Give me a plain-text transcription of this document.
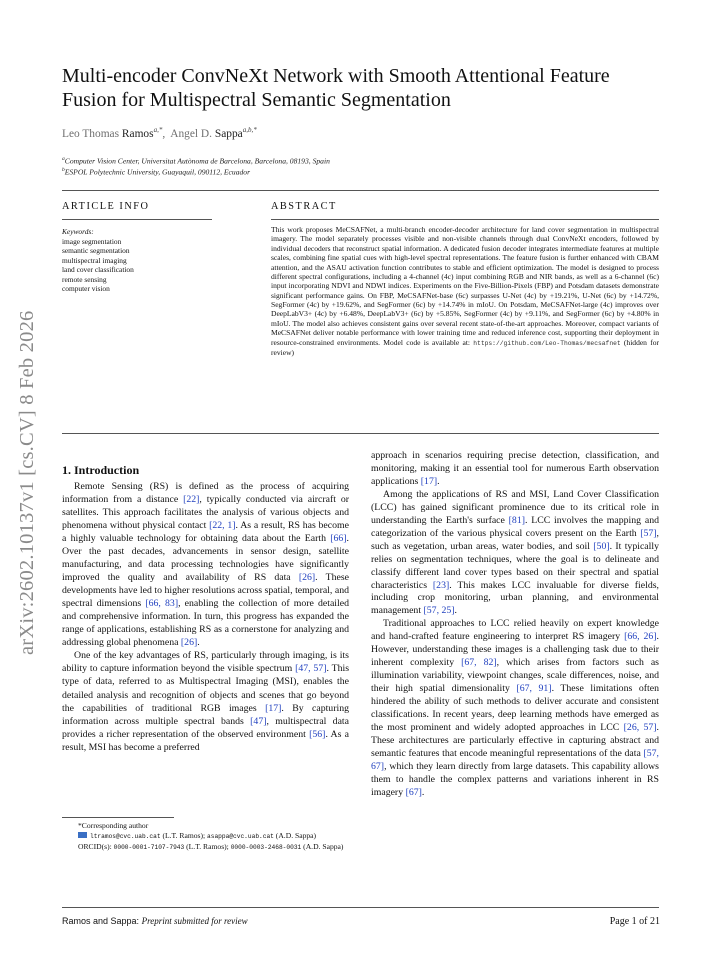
arXiv:2602.10137v1 [cs.CV] 8 Feb 2026
Multi-encoder ConvNeXt Network with Smooth Attentional Feature
Fusion for Multispectral Semantic Segmentation
Leo Thomas Ramos$^{a,*}$,  Angel D. Sappa$^{a,b,*}$
$^a$Computer Vision Center, Universitat Autònoma de Barcelona, Barcelona, 08193, Spain
$^b$ESPOL Polytechnic University, Guayaquil, 090112, Ecuador
ARTICLE INFO	ABSTRACT
Keywords:
image segmentation
semantic segmentation
multispectral imaging
land cover classification
remote sensing
computer vision
This work proposes MeCSAFNet, a multi-branch encoder-decoder architecture for land cover segmentation in multispectral imagery. The model separately processes visible and non-visible channels through dual ConvNeXt encoders, followed by individual decoders that reconstruct spatial information. A dedicated fusion decoder integrates intermediate features at multiple scales, combining fine spatial cues with high-level spectral representations. The feature fusion is further enhanced with CBAM attention, and the ASAU activation function contributes to stable and efficient optimization. The model is designed to process different spectral configurations, including a 4-channel (4c) input combining RGB and NIR bands, as well as a 6-channel (6c) input incorporating NDVI and NDWI indices. Experiments on the Five-Billion-Pixels (FBP) and Potsdam datasets demonstrate significant performance gains. On FBP, MeCSAFNet-base (6c) surpasses U-Net (4c) by +19.21%, U-Net (6c) by +14.72%, SegFormer (4c) by +19.62%, and SegFormer (6c) by +14.74% in mIoU. On Potsdam, MeCSAFNet-large (4c) improves over DeepLabV3+ (4c) by +6.48%, DeepLabV3+ (6c) by +5.85%, SegFormer (4c) by +9.11%, and SegFormer (6c) by +4.80% in mIoU. The model also achieves consistent gains over several recent state-of-the-art approaches. Moreover, compact variants of MeCSAFNet deliver notable performance with lower training time and reduced inference cost, supporting their deployment in resource-constrained environments. Model code is available at: https://github.com/Leo-Thomas/mecsafnet (hidden for review)
1. Introduction

Remote Sensing (RS) is defined as the process of acquiring information from a distance [22], typically conducted via aircraft or satellites. This approach facilitates the analysis of various objects and phenomena without physical contact [22, 1]. As a result, RS has become a highly valuable technology for obtaining data about the Earth [66]. Over the past decades, advancements in sensor design, satellite manufacturing, and data processing technologies have significantly improved the quality and availability of RS data [26]. These developments have led to higher resolutions across spatial, temporal, and spectral dimensions [66, 83], enabling the collection of more detailed and comprehensive information. In turn, this progress has expanded the range of applications, establishing RS as a cornerstone for analyzing and addressing global phenomena [26].

One of the key advantages of RS, particularly through imaging, is its ability to capture information beyond the visible spectrum [47, 57]. This type of data, referred to as Multispectral Imaging (MSI), enables the detailed analysis and recognition of objects and scenes that go beyond the capabilities of traditional RGB images [17]. By capturing information across multiple spectral bands [47], multispectral data provides a richer representation of the observed environment [56]. As a result, MSI has become a preferred

approach in scenarios requiring precise detection, classification, and monitoring, making it an essential tool for numerous Earth observation applications [17].

Among the applications of RS and MSI, Land Cover Classification (LCC) has gained significant prominence due to its critical role in understanding the Earth's surface [81]. LCC involves the mapping and categorization of the various physical covers present on the Earth [57], such as vegetation, urban areas, water bodies, and soil [50]. It typically relies on segmentation techniques, where the goal is to delineate and classify different land cover types based on their spectral and spatial characteristics [23]. This makes LCC invaluable for diverse fields, including crop monitoring, urban planning, and environmental management [57, 25].

Traditional approaches to LCC relied heavily on expert knowledge and hand-crafted feature engineering to interpret RS imagery [66, 26]. However, understanding these images is a challenging task due to their inherent complexity [67, 82], which arises from factors such as illumination variability, viewpoint changes, scale differences, noise, and their high spatial dimensionality [67, 91]. These limitations often hindered the ability of such methods to deliver accurate and consistent classifications. In recent years, deep learning methods have emerged as the most prominent and widely adopted approaches in LCC [26, 57]. These architectures are particularly effective in capturing abstract and semantic features that encode meaningful representations of the data [57, 67], which they learn directly from large datasets. This capability allows them to handle the complex patterns and variations inherent in RS imagery [67].

*Corresponding author
ltramos@cvc.uab.cat (L.T. Ramos); asappa@cvc.uab.cat (A.D. Sappa)
ORCID(s): 0000-0001-7107-7943 (L.T. Ramos); 0000-0003-2468-0031 (A.D. Sappa)
Ramos and Sappa: Preprint submitted for review	Page 1 of 21
